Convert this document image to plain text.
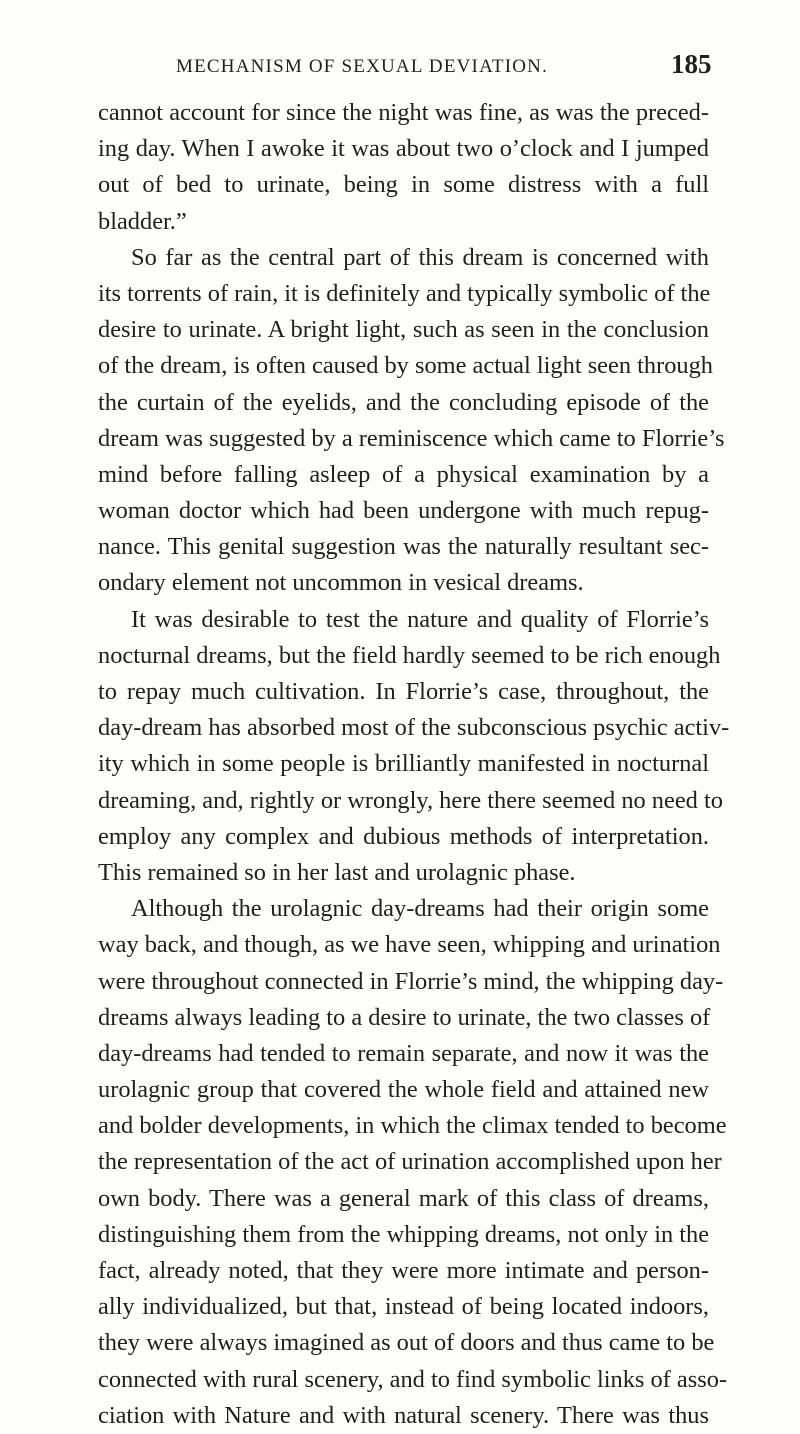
MECHANISM OF SEXUAL DEVIATION.	185
cannot account for since the night was fine, as was the preced-
ing day. When I awoke it was about two o’clock and I jumped
out of bed to urinate, being in some distress with a full
bladder.”
So far as the central part of this dream is concerned with
its torrents of rain, it is definitely and typically symbolic of the
desire to urinate. A bright light, such as seen in the conclusion
of the dream, is often caused by some actual light seen through
the curtain of the eyelids, and the concluding episode of the
dream was suggested by a reminiscence which came to Florrie’s
mind before falling asleep of a physical examination by a
woman doctor which had been undergone with much repug-
nance. This genital suggestion was the naturally resultant sec-
ondary element not uncommon in vesical dreams.
It was desirable to test the nature and quality of Florrie’s
nocturnal dreams, but the field hardly seemed to be rich enough
to repay much cultivation. In Florrie’s case, throughout, the
day-dream has absorbed most of the subconscious psychic activ-
ity which in some people is brilliantly manifested in nocturnal
dreaming, and, rightly or wrongly, here there seemed no need to
employ any complex and dubious methods of interpretation.
This remained so in her last and urolagnic phase.
Although the urolagnic day-dreams had their origin some
way back, and though, as we have seen, whipping and urination
were throughout connected in Florrie’s mind, the whipping day-
dreams always leading to a desire to urinate, the two classes of
day-dreams had tended to remain separate, and now it was the
urolagnic group that covered the whole field and attained new
and bolder developments, in which the climax tended to become
the representation of the act of urination accomplished upon her
own body. There was a general mark of this class of dreams,
distinguishing them from the whipping dreams, not only in the
fact, already noted, that they were more intimate and person-
ally individualized, but that, instead of being located indoors,
they were always imagined as out of doors and thus came to be
connected with rural scenery, and to find symbolic links of asso-
ciation with Nature and with natural scenery. There was thus
